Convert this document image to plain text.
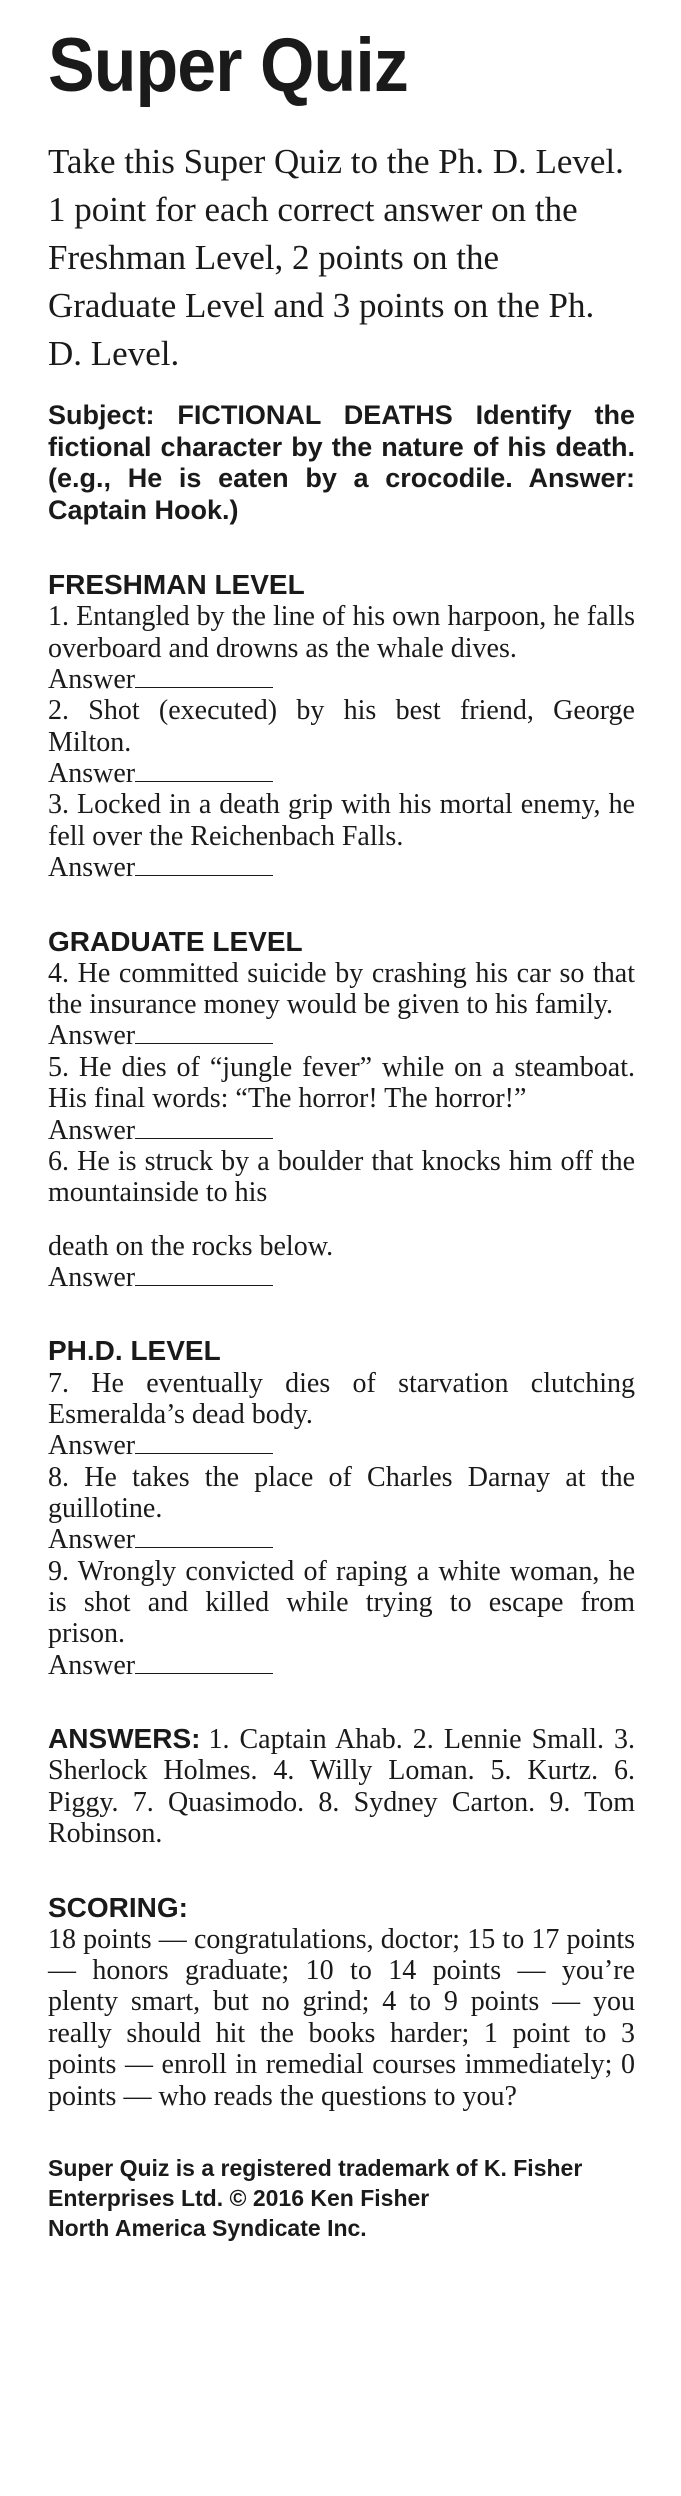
Super Quiz
Take this Super Quiz to the Ph. D. Level. 1 point for each correct answer on the Freshman Level, 2 points on the Graduate Level and 3 points on the Ph. D. Level.
Subject: FICTIONAL DEATHS Identify the fictional character by the nature of his death. (e.g., He is eaten by a crocodile. Answer: Captain Hook.)
FRESHMAN LEVEL
1. Entangled by the line of his own harpoon, he falls overboard and drowns as the whale dives.
Answer
2. Shot (executed) by his best friend, George Milton.
Answer
3. Locked in a death grip with his mortal enemy, he fell over the Reichenbach Falls.
Answer
GRADUATE LEVEL
4. He committed suicide by crashing his car so that the insurance money would be given to his family.
Answer
5. He dies of “jungle fever” while on a steamboat. His final words: “The horror! The horror!”
Answer
6. He is struck by a boulder that knocks him off the mountainside to his
death on the rocks below.
Answer
PH.D. LEVEL
7. He eventually dies of starvation clutching Esmeralda’s dead body.
Answer
8. He takes the place of Charles Darnay at the guillotine.
Answer
9. Wrongly convicted of raping a white woman, he is shot and killed while trying to escape from prison.
Answer
ANSWERS: 1. Captain Ahab. 2. Lennie Small. 3. Sherlock Holmes. 4. Willy Loman. 5. Kurtz. 6. Piggy. 7. Quasimodo. 8. Sydney Carton. 9. Tom Robinson.
SCORING:
18 points — congratulations, doctor; 15 to 17 points — honors graduate; 10 to 14 points — you’re plenty smart, but no grind; 4 to 9 points — you really should hit the books harder; 1 point to 3 points — enroll in remedial courses immediately; 0 points — who reads the questions to you?
Super Quiz is a registered trademark of K. Fisher Enterprises Ltd. © 2016 Ken Fisher
North America Syndicate Inc.
